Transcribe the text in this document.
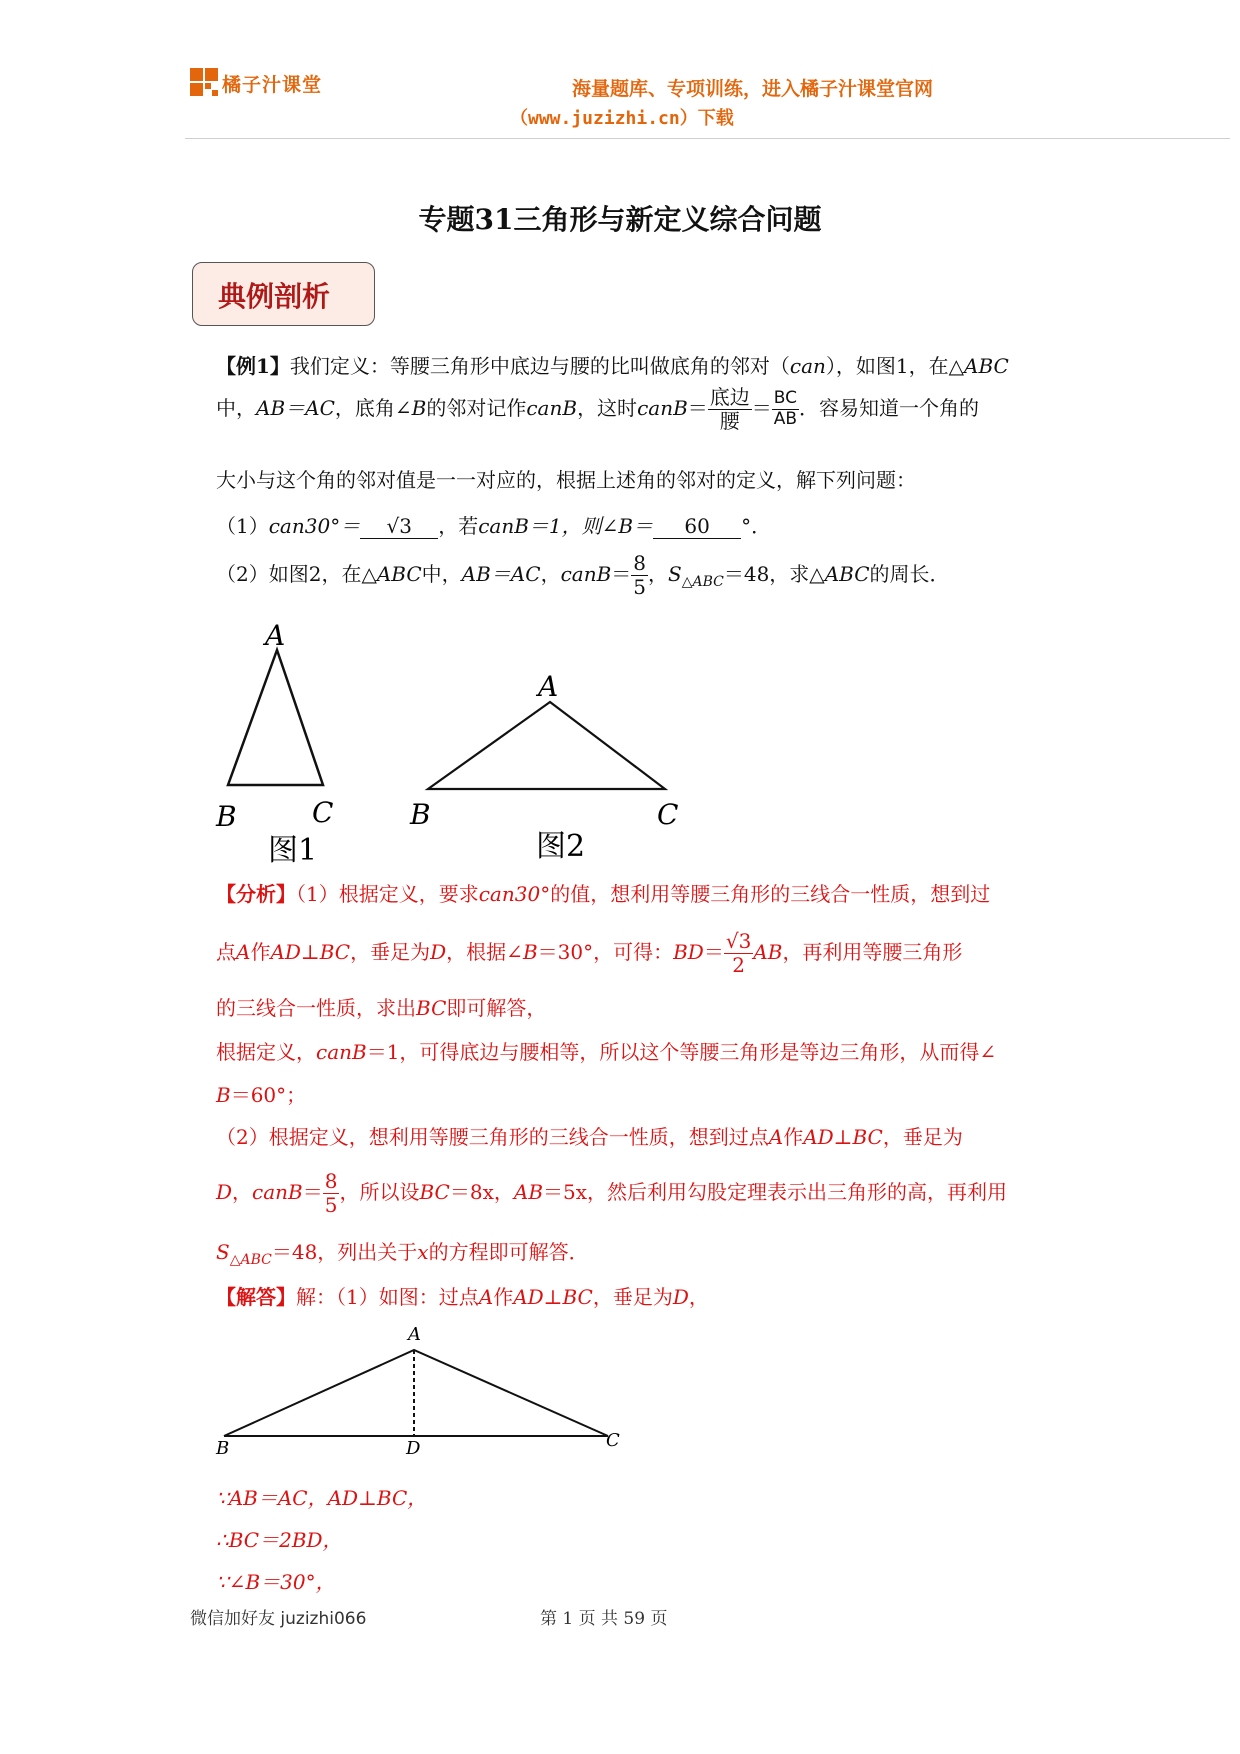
橘子汁课堂	海量题库、专项训练，进入橘子汁课堂官网
（www.juzizhi.cn）下载
专题31三角形与新定义综合问题
典例剖析
【例1】我们定义：等腰三角形中底边与腰的比叫做底角的邻对（can），如图1，在△ABC
中，AB＝AC，底角∠B的邻对记作canB，这时canB＝ $\frac{\text{底边}}{\text{腰}} = \frac{BC}{AB}$ ．容易知道一个角的
大小与这个角的邻对值是一一对应的，根据上述角的邻对的定义，解下列问题：
（1）can30°＝ √3 ，若canB＝1，则∠B＝ 60 °．
（2）如图2，在△ABC中，AB＝AC，canB＝ $\frac{8}{5}$ ，$S_{\triangle ABC}=48$，求△ABC的周长．
A
B	C
图1
A
B	C
图2
【分析】（1）根据定义，要求can30°的值，想利用等腰三角形的三线合一性质，想到过
点A作AD⊥BC，垂足为D，根据∠B＝30°，可得：$BD= \frac{√3}{2}$ AB，再利用等腰三角形
的三线合一性质，求出BC即可解答，
根据定义，canB＝1，可得底边与腰相等，所以这个等腰三角形是等边三角形，从而得∠
B＝60°；
（2）根据定义，想利用等腰三角形的三线合一性质，想到过点A作AD⊥BC，垂足为
D，canB＝ $\frac{8}{5}$ ，所以设BC＝8x，AB＝5x，然后利用勾股定理表示出三角形的高，再利用
$S_{\triangle ABC}=48$，列出关于x的方程即可解答．
【解答】解：（1）如图：过点A作AD⊥BC，垂足为D，
A
B	D	C
∵AB＝AC，AD⊥BC，
∴BC＝2BD，
∵∠B＝30°，
微信加好友 juzizhi066	第 1 页 共 59 页
